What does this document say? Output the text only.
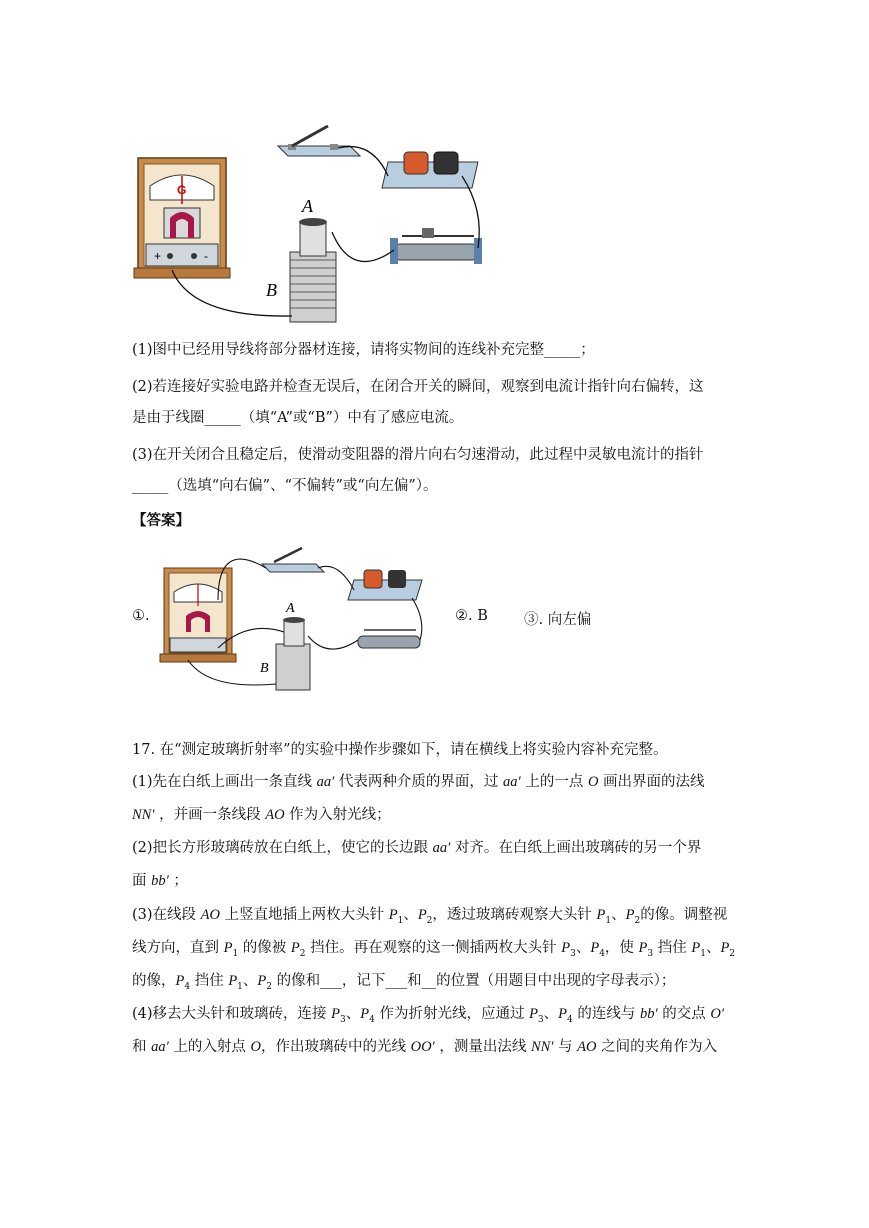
G
+	-
A
B
(1)图中已经用导线将部分器材连接，请将实物间的连线补充完整_____；
(2)若连接好实验电路并检查无误后，在闭合开关的瞬间，观察到电流计指针向右偏转，这
是由于线圈_____（填“A”或“B”）中有了感应电流。
(3)在开关闭合且稳定后，使滑动变阻器的滑片向右匀速滑动，此过程中灵敏电流计的指针
_____（选填“向右偏”、“不偏转”或“向左偏”）。
【答案】
①.	A
B
②. B ③. 向左偏
17. 在“测定玻璃折射率”的实验中操作步骤如下，请在横线上将实验内容补充完整。
(1)先在白纸上画出一条直线 aa′ 代表两种介质的界面，过 aa′ 上的一点 O 画出界面的法线
NN′ ，并画一条线段 AO 作为入射光线；
(2)把长方形玻璃砖放在白纸上，使它的长边跟 aa′ 对齐。在白纸上画出玻璃砖的另一个界
面 bb′ ；
(3)在线段 AO 上竖直地插上两枚大头针 $P_1$、$P_2$，透过玻璃砖观察大头针 $P_1$、$P_2$的像。调整视
线方向，直到 $P_1$ 的像被 $P_2$ 挡住。再在观察的这一侧插两枚大头针 $P_3$、$P_4$，使 $P_3$ 挡住 $P_1$、$P_2$
的像，$P_4$ 挡住 $P_1$、$P_2$ 的像和___，记下___和__的位置（用题目中出现的字母表示）；
(4)移去大头针和玻璃砖，连接 $P_3$、$P_4$ 作为折射光线，应通过 $P_3$、$P_4$ 的连线与 bb′ 的交点 O′
和 aa′ 上的入射点 O，作出玻璃砖中的光线 OO′ ，测量出法线 NN′ 与 AO 之间的夹角作为入
